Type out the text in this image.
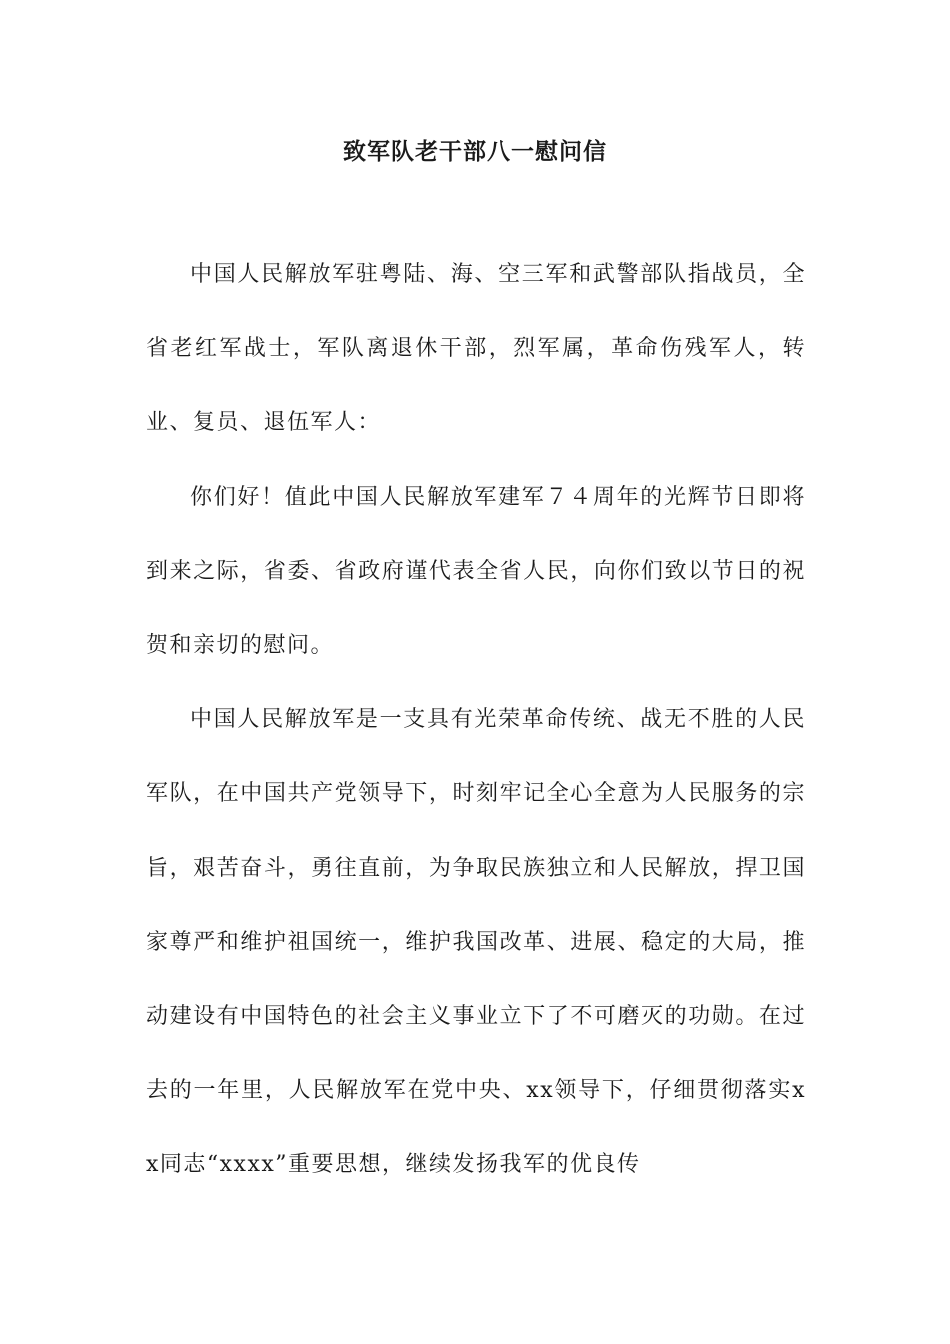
致军队老干部八一慰问信

中国人民解放军驻粤陆、海、空三军和武警部队指战员，全省老红军战士，军队离退休干部，烈军属，革命伤残军人，转业、复员、退伍军人：

你们好！值此中国人民解放军建军７４周年的光辉节日即将到来之际，省委、省政府谨代表全省人民，向你们致以节日的祝贺和亲切的慰问。

中国人民解放军是一支具有光荣革命传统、战无不胜的人民军队，在中国共产党领导下，时刻牢记全心全意为人民服务的宗旨，艰苦奋斗，勇往直前，为争取民族独立和人民解放，捍卫国家尊严和维护祖国统一，维护我国改革、进展、稳定的大局，推动建设有中国特色的社会主义事业立下了不可磨灭的功勋。在过去的一年里，人民解放军在党中央、xx领导下，仔细贯彻落实xx同志“xxxx”重要思想，继续发扬我军的优良传
